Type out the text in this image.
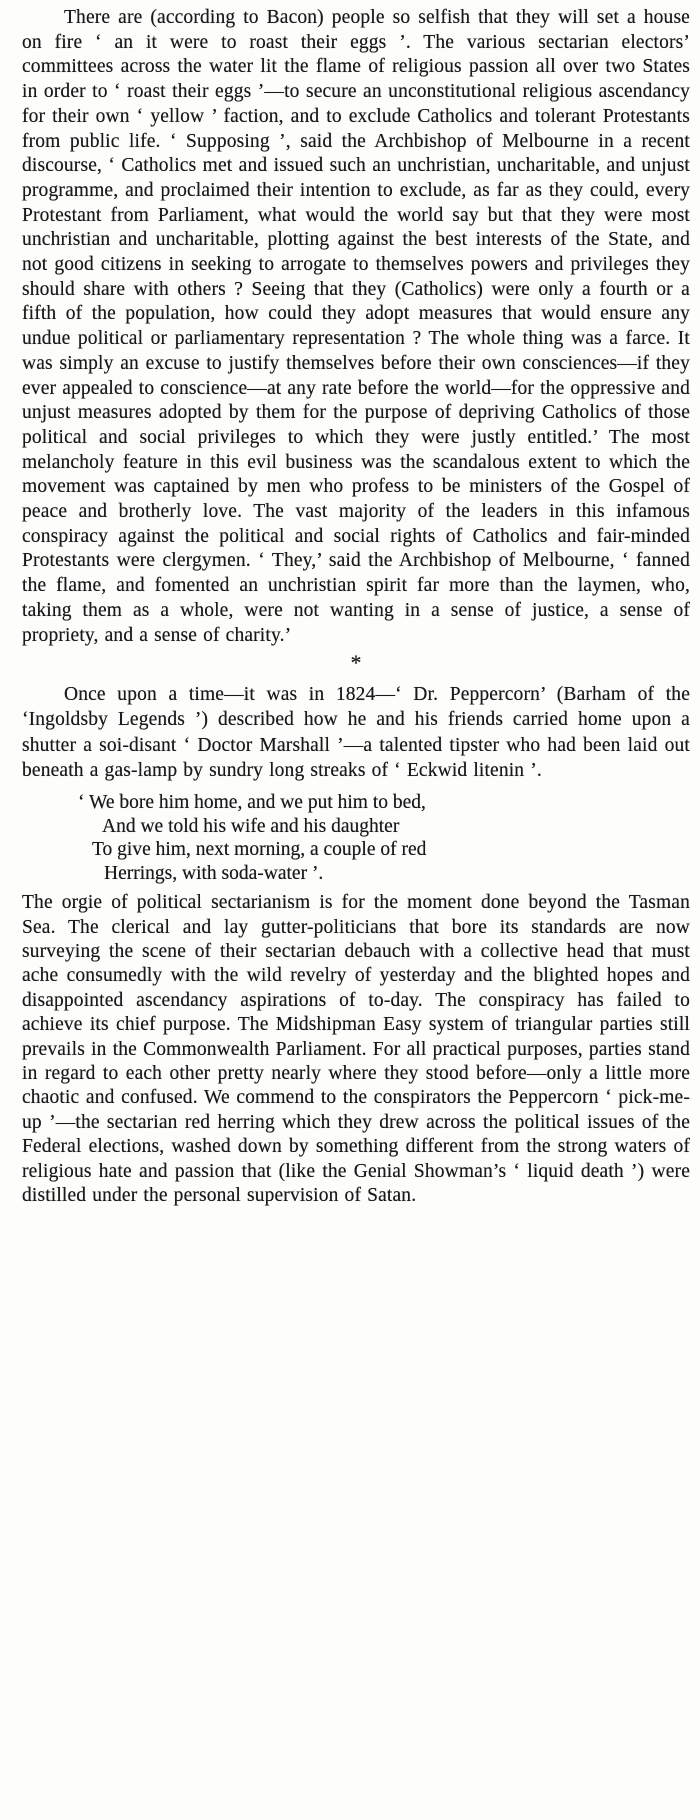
There are (according to Bacon) people so selfish that they will set a house on fire ‘ an it were to roast their eggs ’. The various sectarian electors’ committees across the water lit the flame of religious passion all over two States in order to ‘ roast their eggs ’—to secure an unconstitutional religious ascendancy for their own ‘ yellow ’ faction, and to exclude Catholics and tolerant Protestants from public life. ‘ Supposing ’, said the Archbishop of Melbourne in a recent discourse, ‘ Catholics met and issued such an unchristian, uncharitable, and unjust programme, and proclaimed their intention to exclude, as far as they could, every Protestant from Parliament, what would the world say but that they were most unchristian and uncharitable, plotting against the best interests of the State, and not good citizens in seeking to arrogate to themselves powers and privileges they should share with others ? Seeing that they (Catholics) were only a fourth or a fifth of the population, how could they adopt measures that would ensure any undue political or parliamentary representation ? The whole thing was a farce. It was simply an excuse to justify themselves before their own consciences—if they ever appealed to conscience—at any rate before the world—for the oppressive and unjust measures adopted by them for the purpose of depriving Catholics of those political and social privileges to which they were justly entitled.’ The most melancholy feature in this evil business was the scandalous extent to which the movement was captained by men who profess to be ministers of the Gospel of peace and brotherly love. The vast majority of the leaders in this infamous conspiracy against the political and social rights of Catholics and fair-minded Protestants were clergymen. ‘ They,’ said the Archbishop of Melbourne, ‘ fanned the flame, and fomented an unchristian spirit far more than the laymen, who, taking them as a whole, were not wanting in a sense of justice, a sense of propriety, and a sense of charity.’

*

Once upon a time—it was in 1824—‘ Dr. Peppercorn’ (Barham of the ‘Ingoldsby Legends ’) described how he and his friends carried home upon a shutter a soi-disant ‘ Doctor Marshall ’—a talented tipster who had been laid out beneath a gas-lamp by sundry long streaks of ‘ Eckwid litenin ’.

‘ We bore him home, and we put him to bed,
And we told his wife and his daughter
To give him, next morning, a couple of red
Herrings, with soda-water ’.

The orgie of political sectarianism is for the moment done beyond the Tasman Sea. The clerical and lay gutter-politicians that bore its standards are now surveying the scene of their sectarian debauch with a collective head that must ache consumedly with the wild revelry of yesterday and the blighted hopes and disappointed ascendancy aspirations of to-day. The conspiracy has failed to achieve its chief purpose. The Midshipman Easy system of triangular parties still prevails in the Commonwealth Parliament. For all practical purposes, parties stand in regard to each other pretty nearly where they stood before—only a little more chaotic and confused. We commend to the conspirators the Peppercorn ‘ pick-me-up ’—the sectarian red herring which they drew across the political issues of the Federal elections, washed down by something different from the strong waters of religious hate and passion that (like the Genial Showman’s ‘ liquid death ’) were distilled under the personal supervision of Satan.
